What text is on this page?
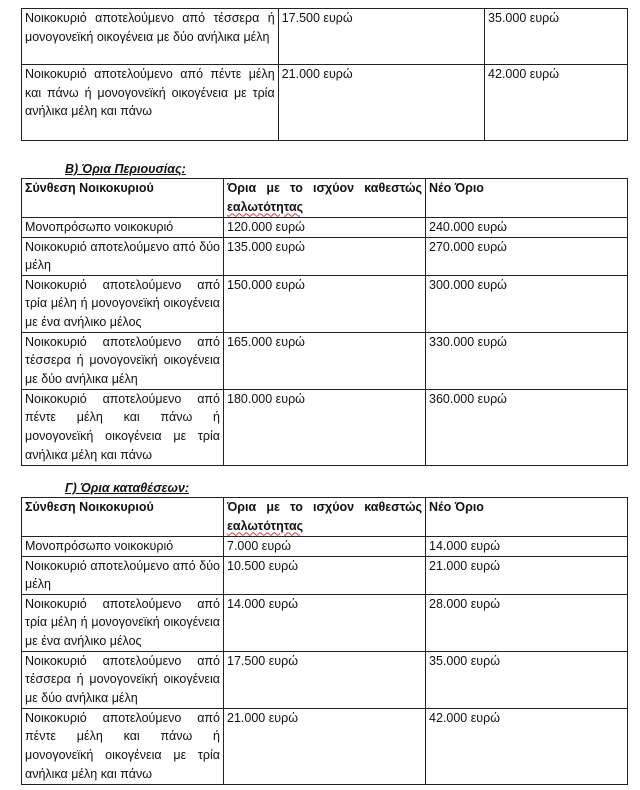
Νοικοκυριό αποτελούμενο από τέσσερα ή μονογονεϊκή οικογένεια με δύο ανήλικα μέλη	17.500 ευρώ	35.000 ευρώ
Νοικοκυριό αποτελούμενο από πέντε μέλη και πάνω ή μονογονεϊκή οικογένεια με τρία ανήλικα μέλη και πάνω	21.000 ευρώ	42.000 ευρώ
Β) Όρια Περιουσίας:
Σύνθεση Νοικοκυριού	Όρια με το ισχύον καθεστώς εαλωτότητας	Νέο Όριο
Μονοπρόσωπο νοικοκυριό	120.000 ευρώ	240.000 ευρώ
Νοικοκυριό αποτελούμενο από δύο μέλη	135.000 ευρώ	270.000 ευρώ
Νοικοκυριό αποτελούμενο από τρία μέλη ή μονογονεϊκή οικογένεια με ένα ανήλικο μέλος	150.000 ευρώ	300.000 ευρώ
Νοικοκυριό αποτελούμενο από τέσσερα ή μονογονεϊκή οικογένεια με δύο ανήλικα μέλη	165.000 ευρώ	330.000 ευρώ
Νοικοκυριό αποτελούμενο από πέντε μέλη και πάνω ή μονογονεϊκή οικογένεια με τρία ανήλικα μέλη και πάνω	180.000 ευρώ	360.000 ευρώ
Γ) Όρια καταθέσεων:
Σύνθεση Νοικοκυριού	Όρια με το ισχύον καθεστώς εαλωτότητας	Νέο Όριο
Μονοπρόσωπο νοικοκυριό	7.000 ευρώ	14.000 ευρώ
Νοικοκυριό αποτελούμενο από δύο μέλη	10.500 ευρώ	21.000 ευρώ
Νοικοκυριό αποτελούμενο από τρία μέλη ή μονογονεϊκή οικογένεια με ένα ανήλικο μέλος	14.000 ευρώ	28.000 ευρώ
Νοικοκυριό αποτελούμενο από τέσσερα ή μονογονεϊκή οικογένεια με δύο ανήλικα μέλη	17.500 ευρώ	35.000 ευρώ
Νοικοκυριό αποτελούμενο από πέντε μέλη και πάνω ή μονογονεϊκή οικογένεια με τρία ανήλικα μέλη και πάνω	21.000 ευρώ	42.000 ευρώ
